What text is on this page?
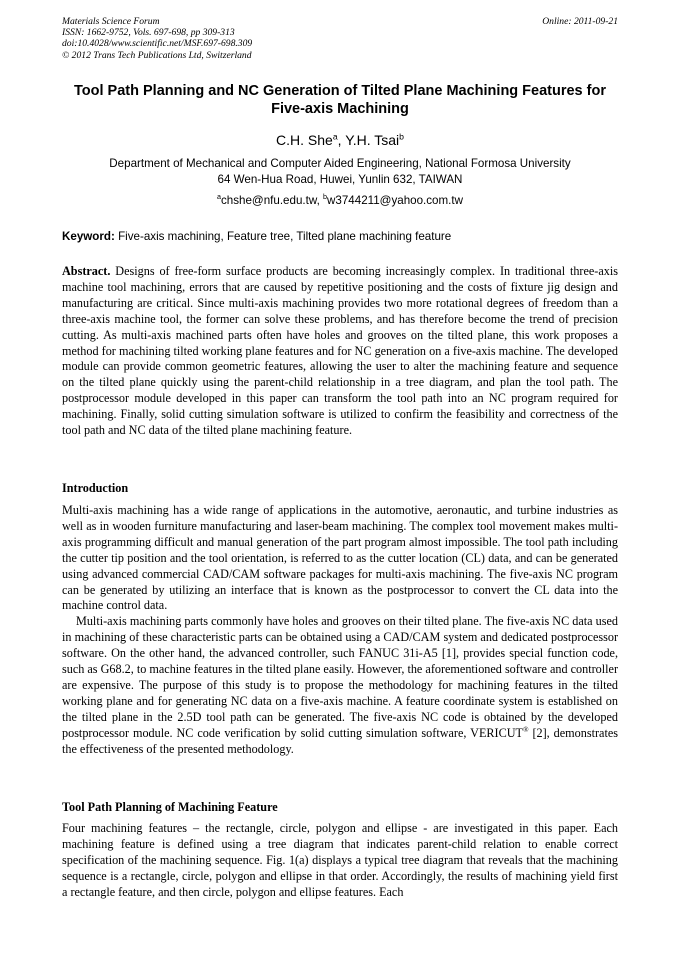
Materials Science Forum
ISSN: 1662-9752, Vols. 697-698, pp 309-313
doi:10.4028/www.scientific.net/MSF.697-698.309
© 2012 Trans Tech Publications Ltd, Switzerland
Online: 2011-09-21
Tool Path Planning and NC Generation of Tilted Plane Machining Features for Five-axis Machining
C.H. She$^a$, Y.H. Tsai$^b$
Department of Mechanical and Computer Aided Engineering, National Formosa University
64 Wen-Hua Road, Huwei, Yunlin 632, TAIWAN
$^a$chshe@nfu.edu.tw, $^b$w3744211@yahoo.com.tw
Keyword: Five-axis machining, Feature tree, Tilted plane machining feature

Abstract. Designs of free-form surface products are becoming increasingly complex. In traditional three-axis machine tool machining, errors that are caused by repetitive positioning and the costs of fixture jig design and manufacturing are critical. Since multi-axis machining provides two more rotational degrees of freedom than a three-axis machine tool, the former can solve these problems, and has therefore become the trend of precision cutting. As multi-axis machined parts often have holes and grooves on the tilted plane, this work proposes a method for machining tilted working plane features and for NC generation on a five-axis machine. The developed module can provide common geometric features, allowing the user to alter the machining feature and sequence on the tilted plane quickly using the parent-child relationship in a tree diagram, and plan the tool path. The postprocessor module developed in this paper can transform the tool path into an NC program required for machining. Finally, solid cutting simulation software is utilized to confirm the feasibility and correctness of the tool path and NC data of the tilted plane machining feature.

Introduction

Multi-axis machining has a wide range of applications in the automotive, aeronautic, and turbine industries as well as in wooden furniture manufacturing and laser-beam machining. The complex tool movement makes multi-axis programming difficult and manual generation of the part program almost impossible. The tool path including the cutter tip position and the tool orientation, is referred to as the cutter location (CL) data, and can be generated using advanced commercial CAD/CAM software packages for multi-axis machining. The five-axis NC program can be generated by utilizing an interface that is known as the postprocessor to convert the CL data into the machine control data.

Multi-axis machining parts commonly have holes and grooves on their tilted plane. The five-axis NC data used in machining of these characteristic parts can be obtained using a CAD/CAM system and dedicated postprocessor software. On the other hand, the advanced controller, such FANUC 31i-A5 [1], provides special function code, such as G68.2, to machine features in the tilted plane easily. However, the aforementioned software and controller are expensive. The purpose of this study is to propose the methodology for machining features in the tilted working plane and for generating NC data on a five-axis machine. A feature coordinate system is established on the tilted plane in the 2.5D tool path can be generated. The five-axis NC code is obtained by the developed postprocessor module. NC code verification by solid cutting simulation software, VERICUT® [2], demonstrates the effectiveness of the presented methodology.

Tool Path Planning of Machining Feature

Four machining features – the rectangle, circle, polygon and ellipse - are investigated in this paper. Each machining feature is defined using a tree diagram that indicates parent-child relation to enable correct specification of the machining sequence. Fig. 1(a) displays a typical tree diagram that reveals that the machining sequence is a rectangle, circle, polygon and ellipse in that order. Accordingly, the results of machining yield first a rectangle feature, and then circle, polygon and ellipse features. Each
